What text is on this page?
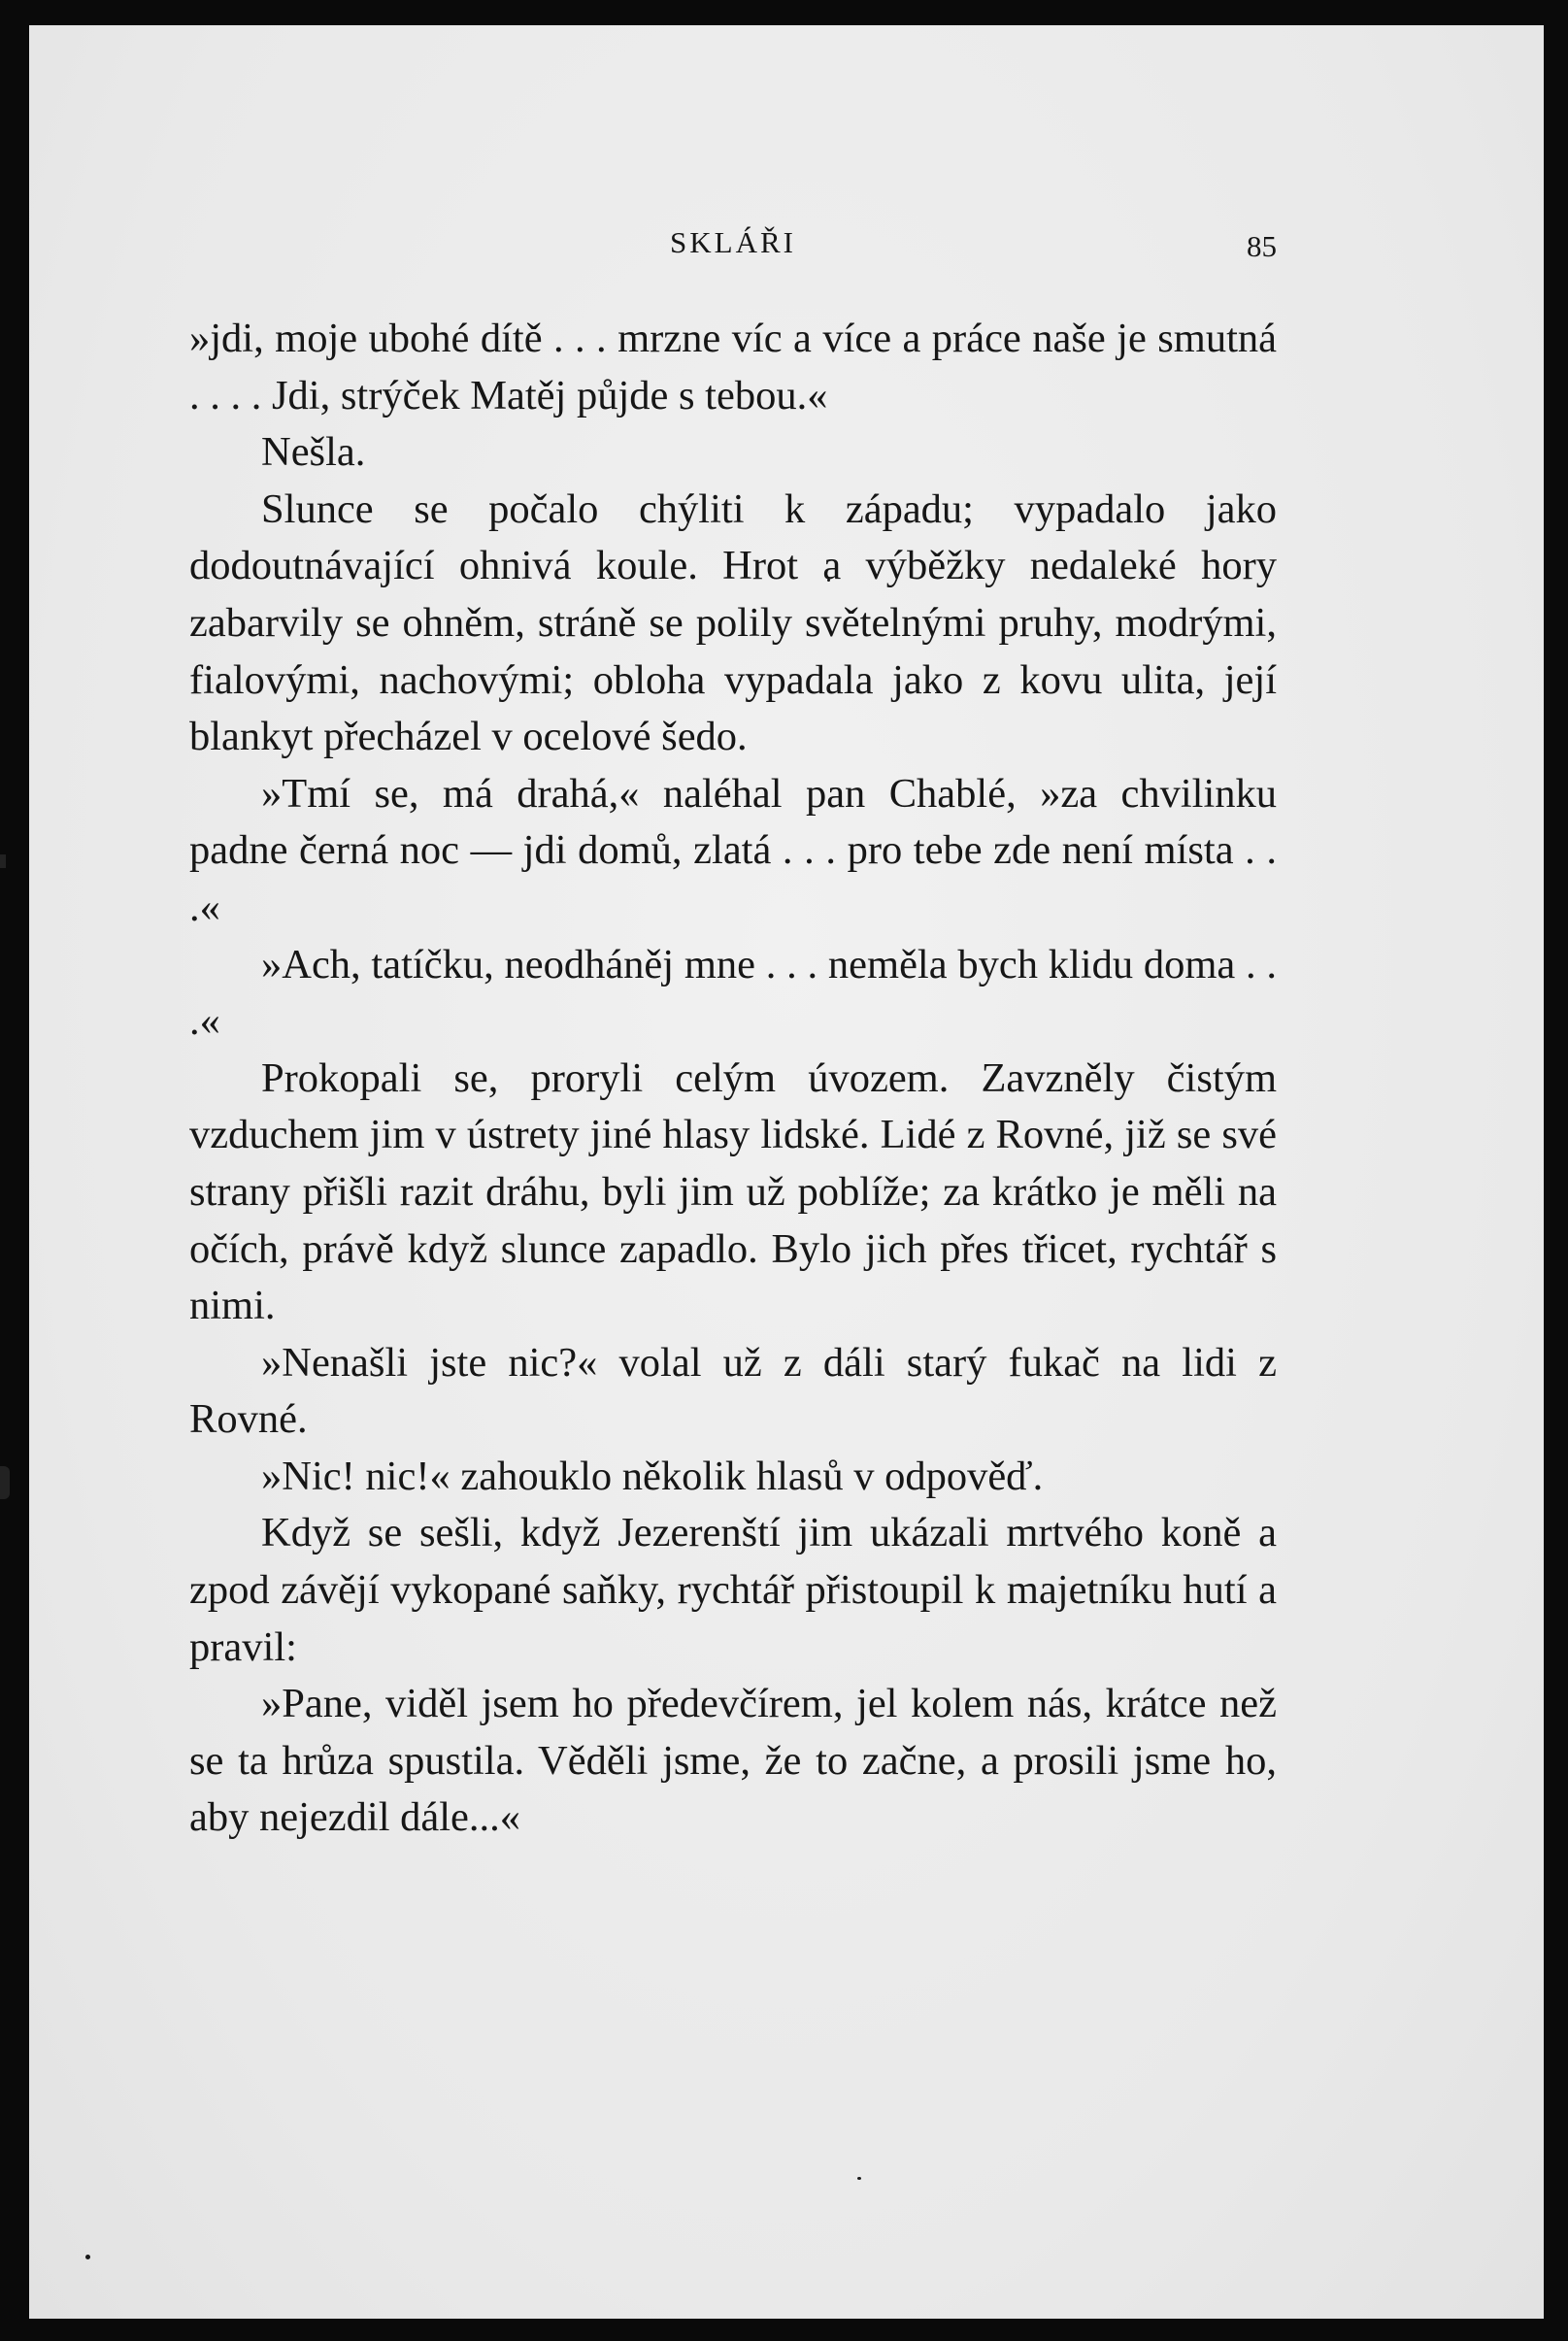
SKLÁŘI	85

»jdi, moje ubohé dítě . . . mrzne víc a více a práce naše je smutná . . . . Jdi, strýček Matěj půjde s tebou.«

Nešla.

Slunce se počalo chýliti k západu; vypadalo jako dodoutnávající ohnivá koule. Hrot a výběžky nedaleké hory zabarvily se ohněm, stráně se polily světelnými pruhy, modrými, fialovými, nachovými; obloha vypadala jako z kovu ulita, její blankyt přecházel v ocelové šedo.

»Tmí se, má drahá,« naléhal pan Chablé, »za chvilinku padne černá noc — jdi domů, zlatá . . . pro tebe zde není místa . . .«

»Ach, tatíčku, neodháněj mne . . . neměla bych klidu doma . . .«

Prokopali se, proryli celým úvozem. Zavzněly čistým vzduchem jim v ústrety jiné hlasy lidské. Lidé z Rovné, již se své strany přišli razit dráhu, byli jim už poblíže; za krátko je měli na očích, právě když slunce zapadlo. Bylo jich přes třicet, rychtář s nimi.

»Nenašli jste nic?« volal už z dáli starý fukač na lidi z Rovné.

»Nic! nic!« zahouklo několik hlasů v odpověď.

Když se sešli, když Jezerenští jim ukázali mrtvého koně a zpod závějí vykopané saňky, rychtář přistoupil k majetníku hutí a pravil:

»Pane, viděl jsem ho předevčírem, jel kolem nás, krátce než se ta hrůza spustila. Věděli jsme, že to začne, a prosili jsme ho, aby nejezdil dále...«
